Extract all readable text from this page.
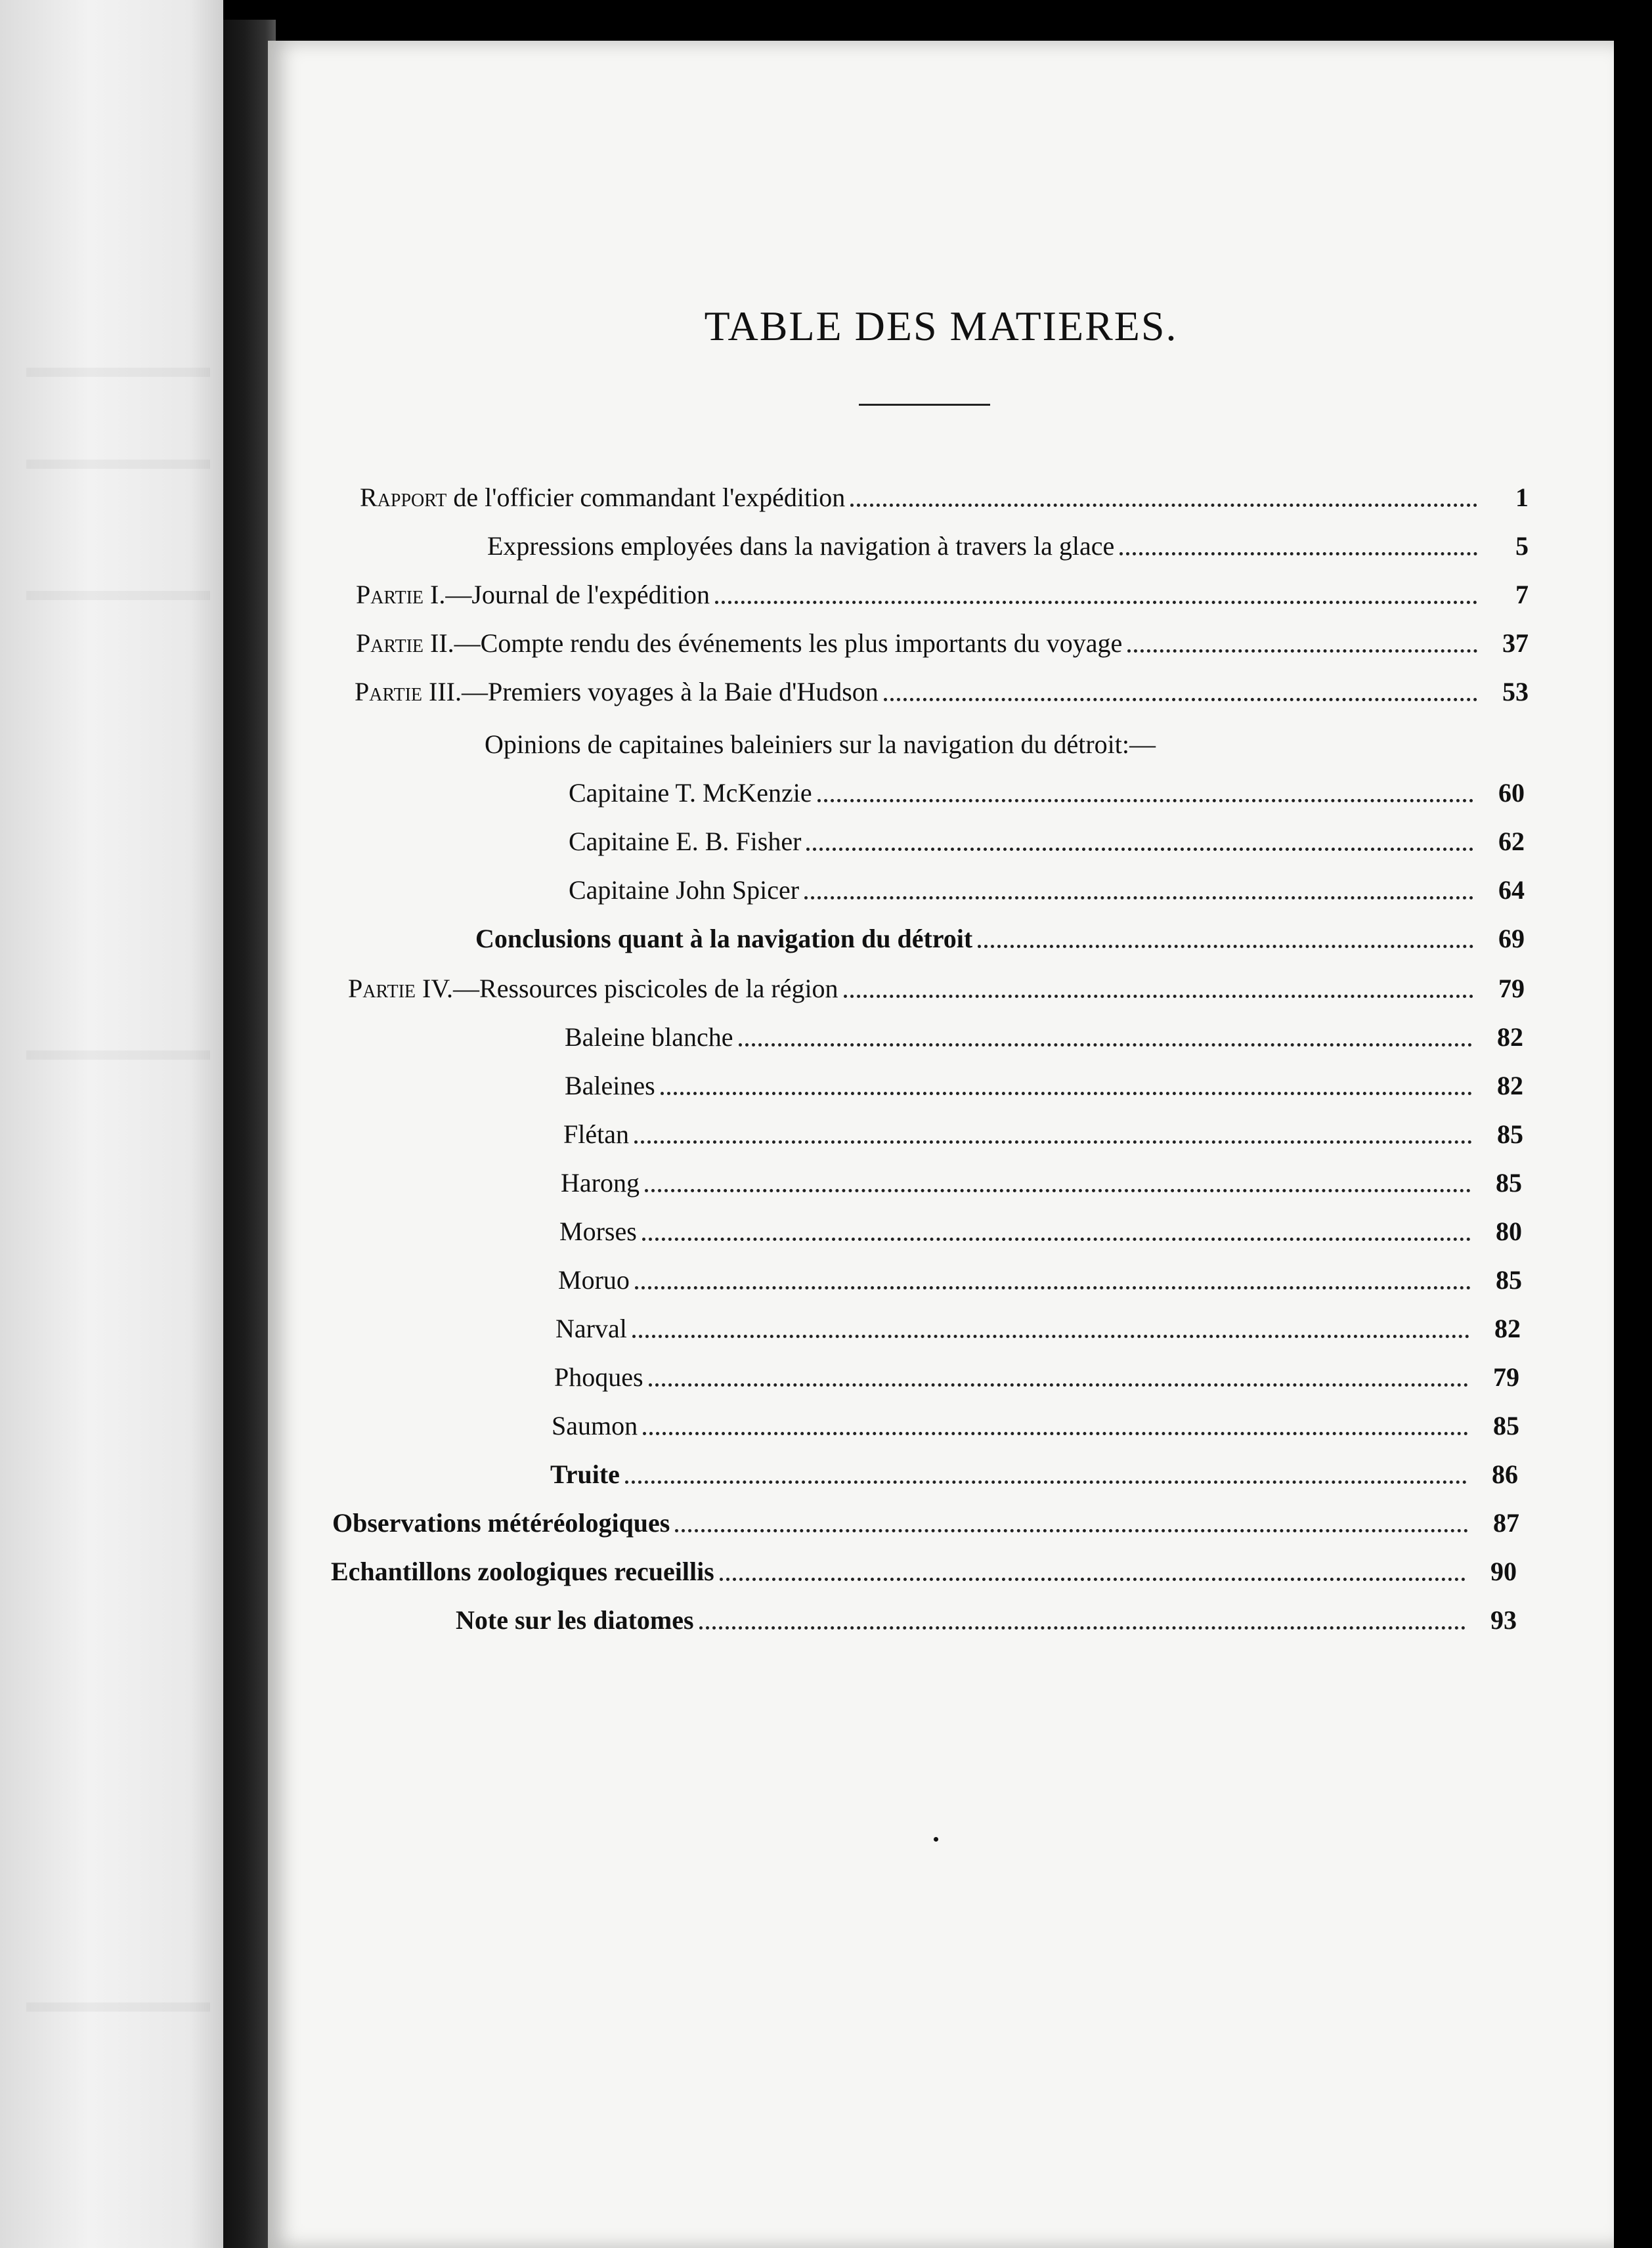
TABLE DES MATIERES.
Rapport de l'officier commandant l'expédition	1
Expressions employées dans la navigation à travers la glace	5
Partie I.—Journal de l'expédition	7
Partie II.—Compte rendu des événements les plus importants du voyage	37
Partie III.—Premiers voyages à la Baie d'Hudson	53
Opinions de capitaines baleiniers sur la navigation du détroit:—
Capitaine T. McKenzie	60
Capitaine E. B. Fisher	62
Capitaine John Spicer	64
Conclusions quant à la navigation du détroit	69
Partie IV.—Ressources piscicoles de la région	79
Baleine blanche	82
Baleines	82
Flétan	85
Harong	85
Morses	80
Moruo	85
Narval	82
Phoques	79
Saumon	85
Truite	86
Observations météréologiques	87
Echantillons zoologiques recueillis	90
Note sur les diatomes	93
